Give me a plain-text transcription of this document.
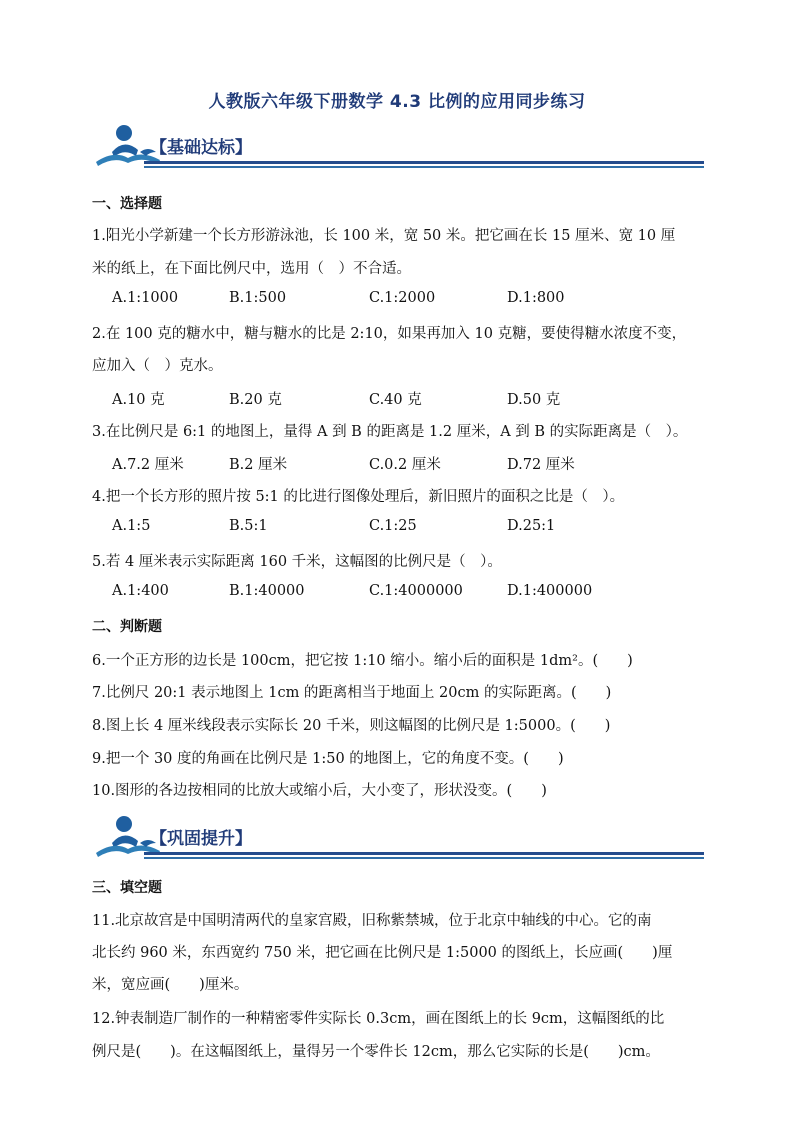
人教版六年级下册数学 4.3 比例的应用同步练习
【基础达标】
一、选择题
1.阳光小学新建一个长方形游泳池，长 100 米，宽 50 米。把它画在长 15 厘米、宽 10 厘
米的纸上，在下面比例尺中，选用（　）不合适。
A.1:1000	B.1:500	C.1:2000	D.1:800
2.在 100 克的糖水中，糖与糖水的比是 2:10，如果再加入 10 克糖，要使得糖水浓度不变，
应加入（　）克水。
A.10 克	B.20 克	C.40 克	D.50 克
3.在比例尺是 6:1 的地图上，量得 A 到 B 的距离是 1.2 厘米，A 到 B 的实际距离是（　）。
A.7.2 厘米	B.2 厘米	C.0.2 厘米	D.72 厘米
4.把一个长方形的照片按 5:1 的比进行图像处理后，新旧照片的面积之比是（　）。
A.1:5	B.5:1	C.1:25	D.25:1
5.若 4 厘米表示实际距离 160 千米，这幅图的比例尺是（　）。
A.1:400	B.1:40000	C.1:4000000	D.1:400000
二、判断题
6.一个正方形的边长是 100cm，把它按 1:10 缩小。缩小后的面积是 1dm²。(　　)
7.比例尺 20:1 表示地图上 1cm 的距离相当于地面上 20cm 的实际距离。(　　)
8.图上长 4 厘米线段表示实际长 20 千米，则这幅图的比例尺是 1:5000。(　　)
9.把一个 30 度的角画在比例尺是 1:50 的地图上，它的角度不变。(　　)
10.图形的各边按相同的比放大或缩小后，大小变了，形状没变。(　　)
【巩固提升】
三、填空题
11.北京故宫是中国明清两代的皇家宫殿，旧称紫禁城，位于北京中轴线的中心。它的南
北长约 960 米，东西宽约 750 米，把它画在比例尺是 1:5000 的图纸上，长应画(　　)厘
米，宽应画(　　)厘米。
12.钟表制造厂制作的一种精密零件实际长 0.3cm，画在图纸上的长 9cm，这幅图纸的比
例尺是(　　)。在这幅图纸上，量得另一个零件长 12cm，那么它实际的长是(　　)cm。
